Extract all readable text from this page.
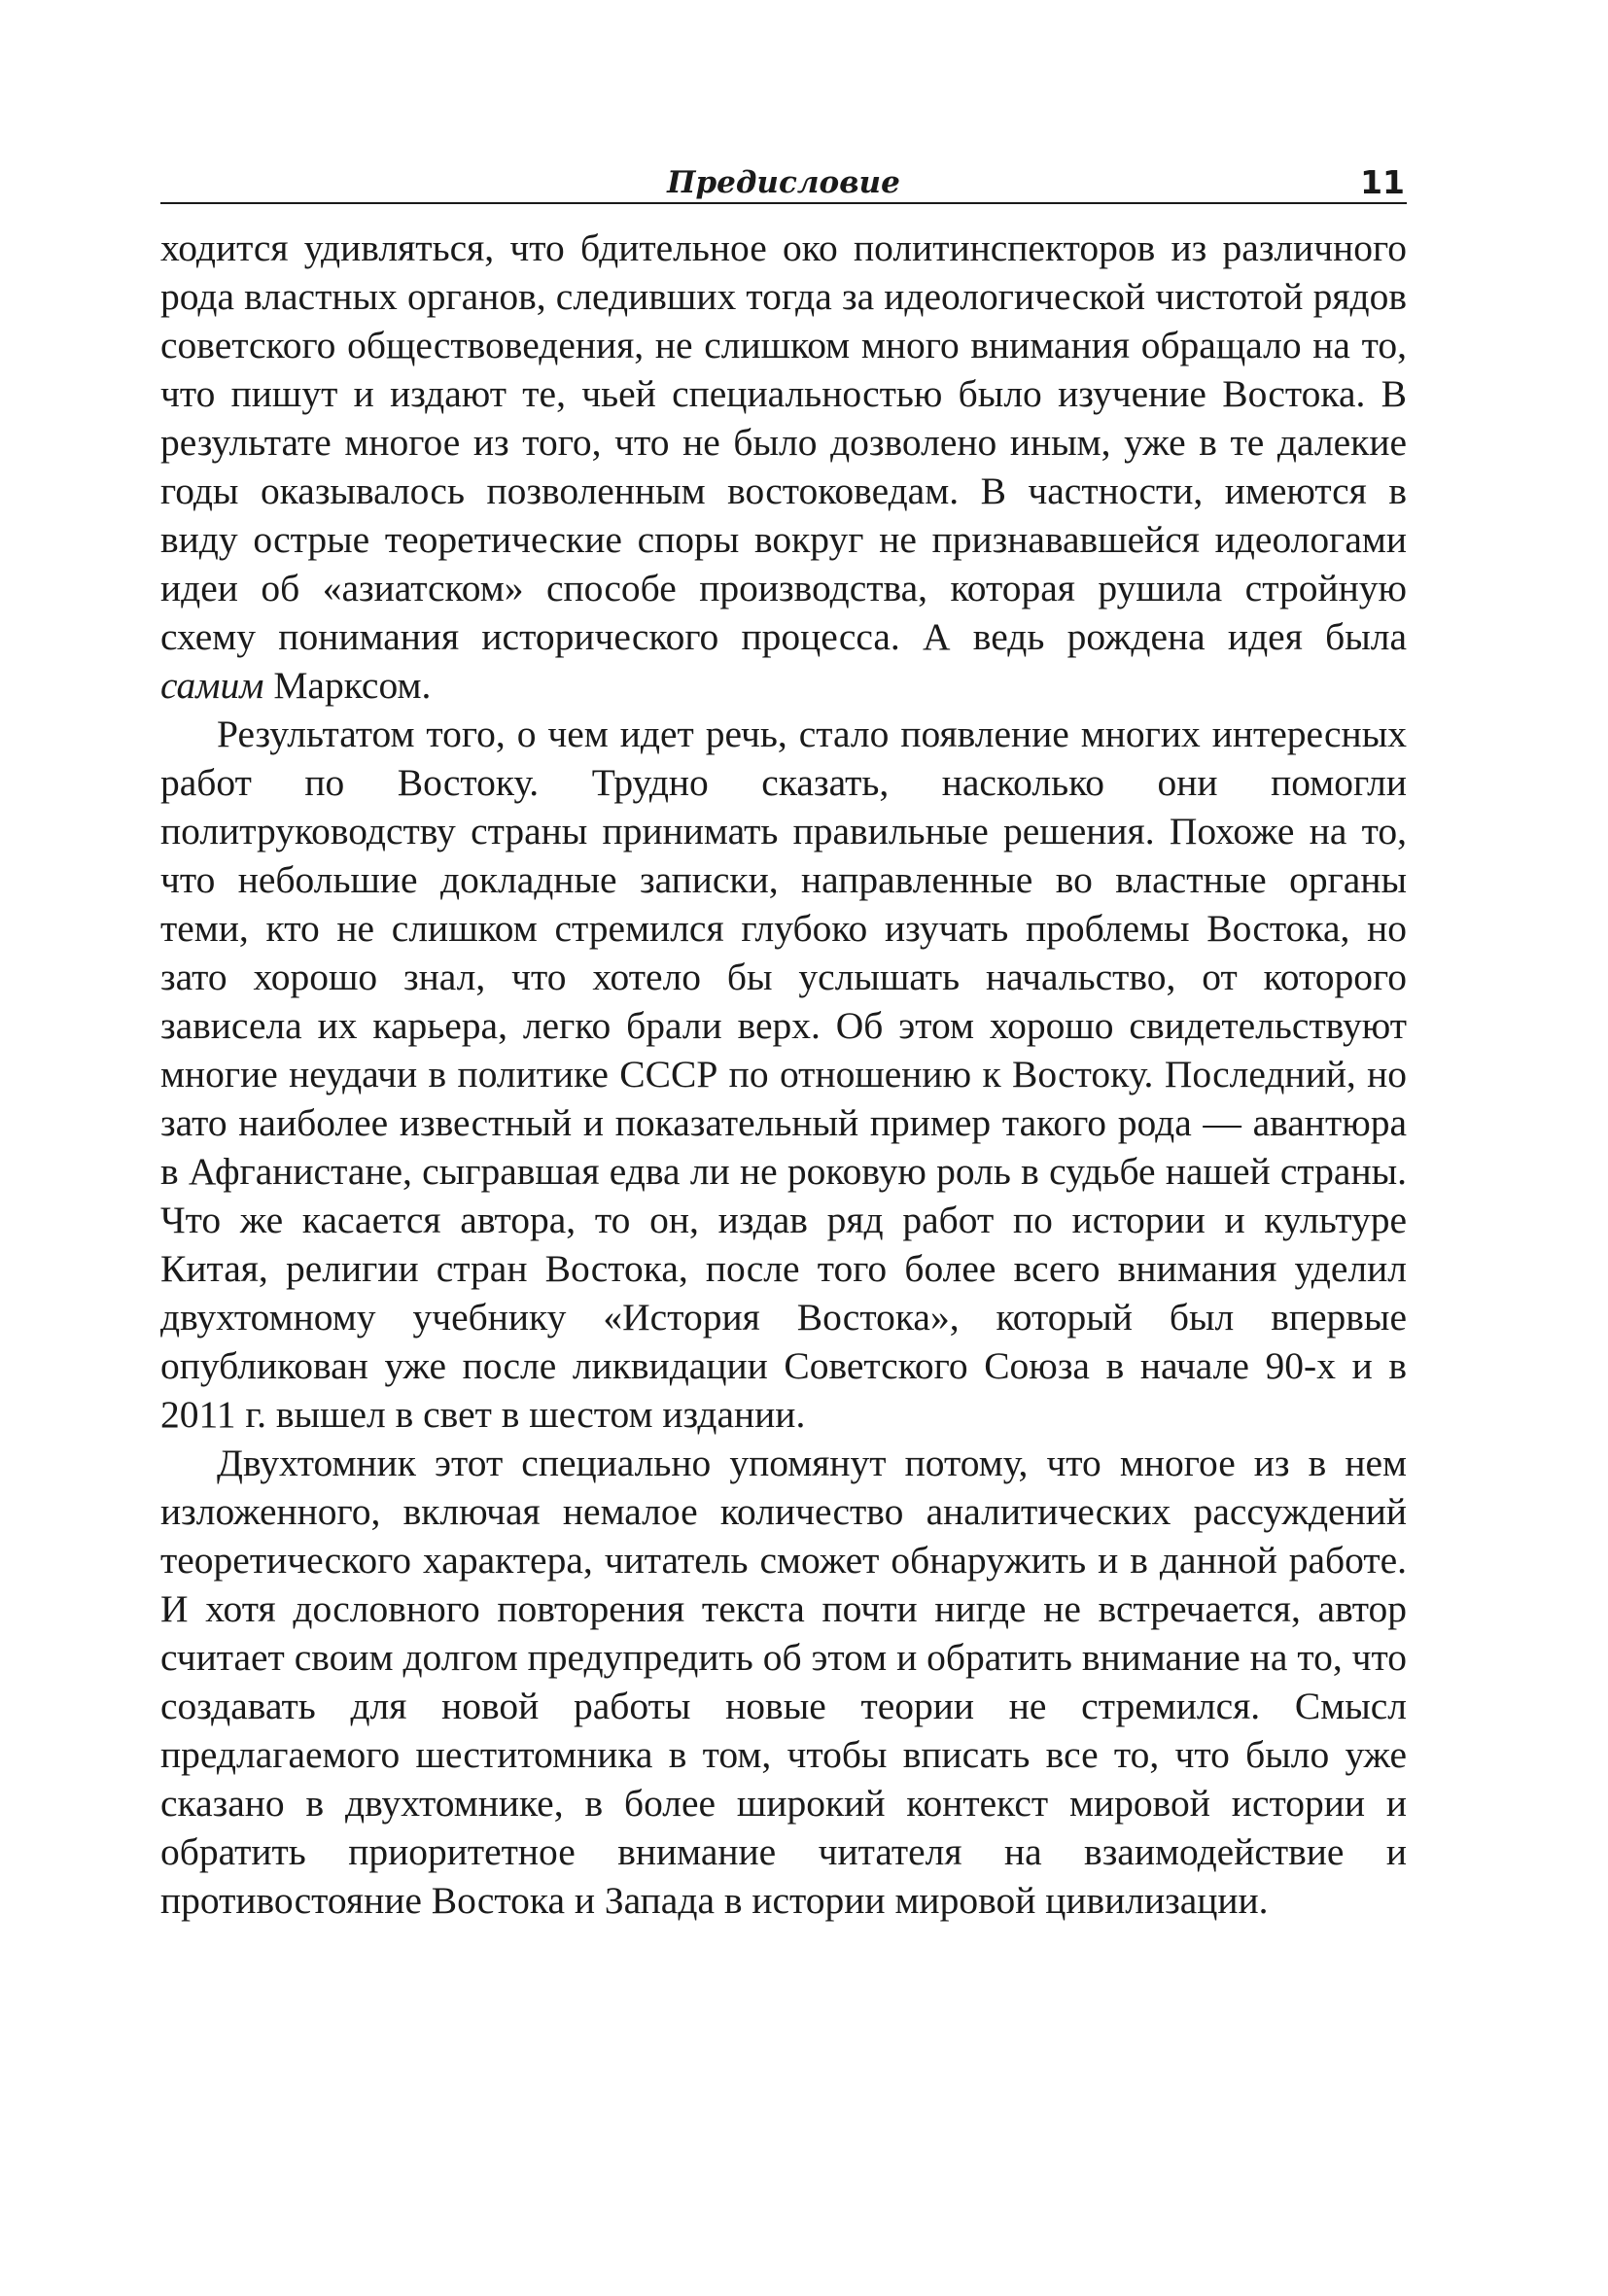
Предисловие	11

ходится удивляться, что бдительное око политинспекторов из различного рода властных органов, следивших тогда за идеологической чистотой рядов советского обществоведения, не слишком много внимания обращало на то, что пишут и издают те, чьей специальностью было изучение Востока. В результате многое из того, что не было дозволено иным, уже в те далекие годы оказывалось позволенным востоковедам. В частности, имеются в виду острые теоретические споры вокруг не признававшейся идеологами идеи об «азиатском» способе производства, которая рушила стройную схему понимания исторического процесса. А ведь рождена идея была самим Марксом.

Результатом того, о чем идет речь, стало появление многих интересных работ по Востоку. Трудно сказать, насколько они помогли политруководству страны принимать правильные решения. Похоже на то, что небольшие докладные записки, направленные во властные органы теми, кто не слишком стремился глубоко изучать проблемы Востока, но зато хорошо знал, что хотело бы услышать начальство, от которого зависела их карьера, легко брали верх. Об этом хорошо свидетельствуют многие неудачи в политике СССР по отношению к Востоку. Последний, но зато наиболее известный и показательный пример такого рода — авантюра в Афганистане, сыгравшая едва ли не роковую роль в судьбе нашей страны. Что же касается автора, то он, издав ряд работ по истории и культуре Китая, религии стран Востока, после того более всего внимания уделил двухтомному учебнику «История Востока», который был впервые опубликован уже после ликвидации Советского Союза в начале 90-х и в 2011 г. вышел в свет в шестом издании.

Двухтомник этот специально упомянут потому, что многое из в нем изложенного, включая немалое количество аналитических рассуждений теоретического характера, читатель сможет обнаружить и в данной работе. И хотя дословного повторения текста почти нигде не встречается, автор считает своим долгом предупредить об этом и обратить внимание на то, что создавать для новой работы новые теории не стремился. Смысл предлагаемого шеститомника в том, чтобы вписать все то, что было уже сказано в двухтомнике, в более широкий контекст мировой истории и обратить приоритетное внимание читателя на взаимодействие и противостояние Востока и Запада в истории мировой цивилизации.
